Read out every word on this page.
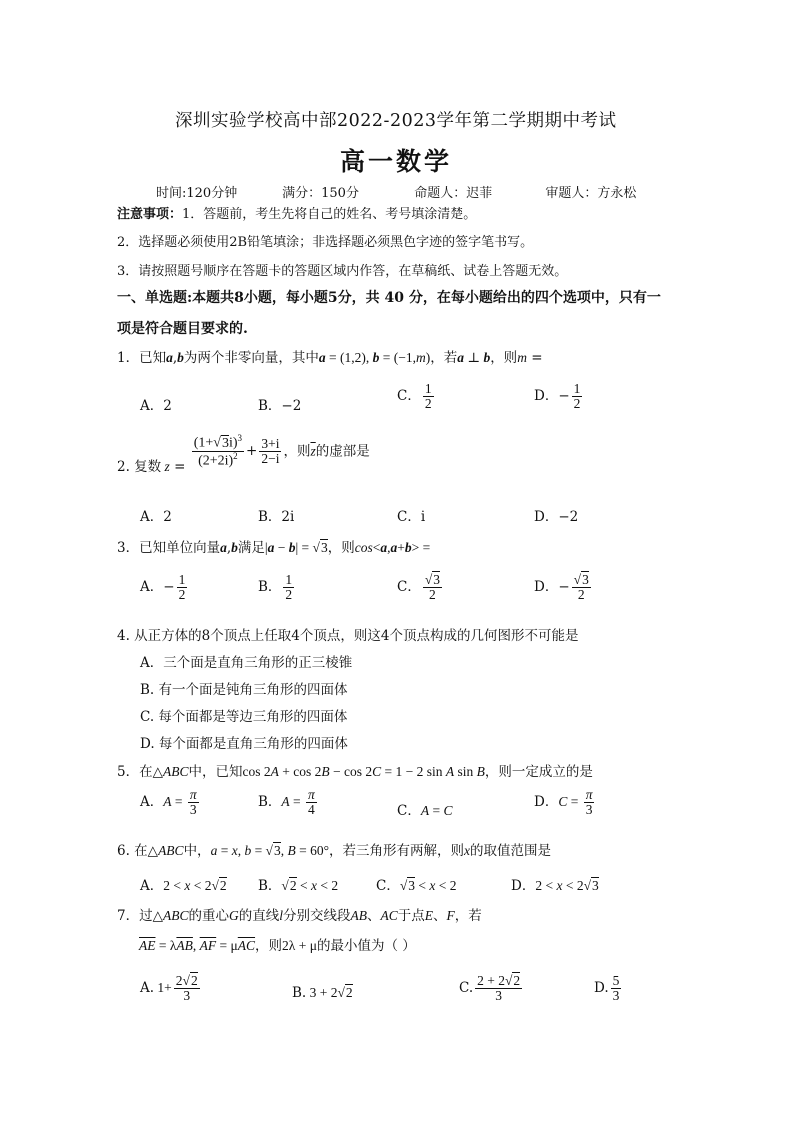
深圳实验学校高中部2022-2023学年第二学期期中考试
高一数学
时间:120分钟	满分：150分	命题人：迟菲	审题人：方永松
注意事项：1．答题前，考生先将自己的姓名、考号填涂清楚。
2．选择题必须使用2B铅笔填涂；非选择题必须黑色字迹的签字笔书写。
3．请按照题号顺序在答题卡的答题区域内作答，在草稿纸、试卷上答题无效。
一、单选题:本题共8小题，每小题5分，共 40 分，在每小题给出的四个选项中，只有一
项是符合题目要求的.
1．已知a,b为两个非零向量，其中a = (1,2), b = (−1,m)，若a ⊥ b，则m =
A．2	B．−2
C． $\frac{1}{2}$	D．− $\frac{1}{2}$
2. 复数 $z = \frac{(1+√3i)^3}{(2+2i)^2} + \frac{3+i}{2-i}$ ，则$\overline{z}$的虚部是
A．2	B．2i	C．i	D．−2
3．已知单位向量a,b满足|a − b| = √3，则cos<a,a+b> =
A．− $\frac{1}{2}$	B． $\frac{1}{2}$	C． $\frac{√3}{2}$	D．− $\frac{√3}{2}$
4. 从正方体的8个顶点上任取4个顶点，则这4个顶点构成的几何图形不可能是
A．三个面是直角三角形的正三棱锥
B. 有一个面是钝角三角形的四面体
C. 每个面都是等边三角形的四面体
D. 每个面都是直角三角形的四面体
5．在△ABC中，已知cos 2A + cos 2B − cos 2C = 1 − 2 sin A sin B，则一定成立的是
A．$A = \frac{\pi}{3}$	B．$A = \frac{\pi}{4}$	C．A = C
D．$C = \frac{\pi}{3}$
6. 在△ABC中，a = x, b = √3, B = 60°，若三角形有两解，则x的取值范围是
A．2 < x < 2√2 B．√2 < x < 2	C．√3 < x < 2	D．2 < x < 2√3
7．过△ABC的重心G的直线l分别交线段AB、AC于点E、F，若
$\overline{AE} = \lambda\overline{AB}$, $\overline{AF} = \mu\overline{AC}$，则2λ + μ的最小值为（ ）
A. $1+ \frac{2√2}{3}$	B. 3 + 2√2	C. $\frac{2 + 2√2}{3}$	D. $\frac{5}{3}$
